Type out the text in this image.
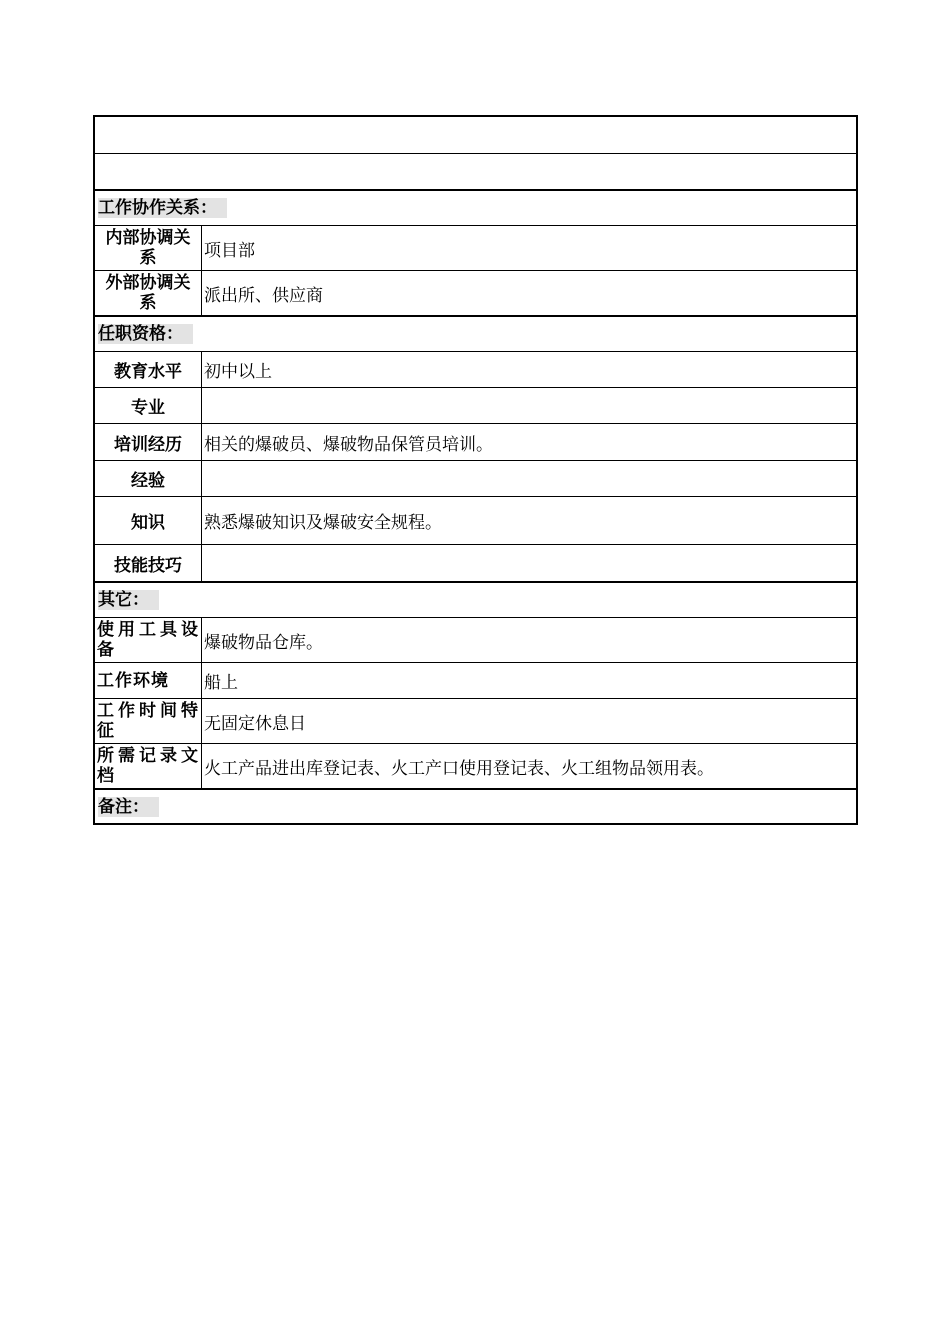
工作协作关系：
内部协调关系	项目部
外部协调关系	派出所、供应商
任职资格：
教育水平	初中以上
专业
培训经历	相关的爆破员、爆破物品保管员培训。
经验
知识	熟悉爆破知识及爆破安全规程。
技能技巧
其它：
使用工具设备	爆破物品仓库。
工作环境	船上
工作时间特征	无固定休息日
所需记录文档	火工产品进出库登记表、火工产口使用登记表、火工组物品领用表。
备注：
